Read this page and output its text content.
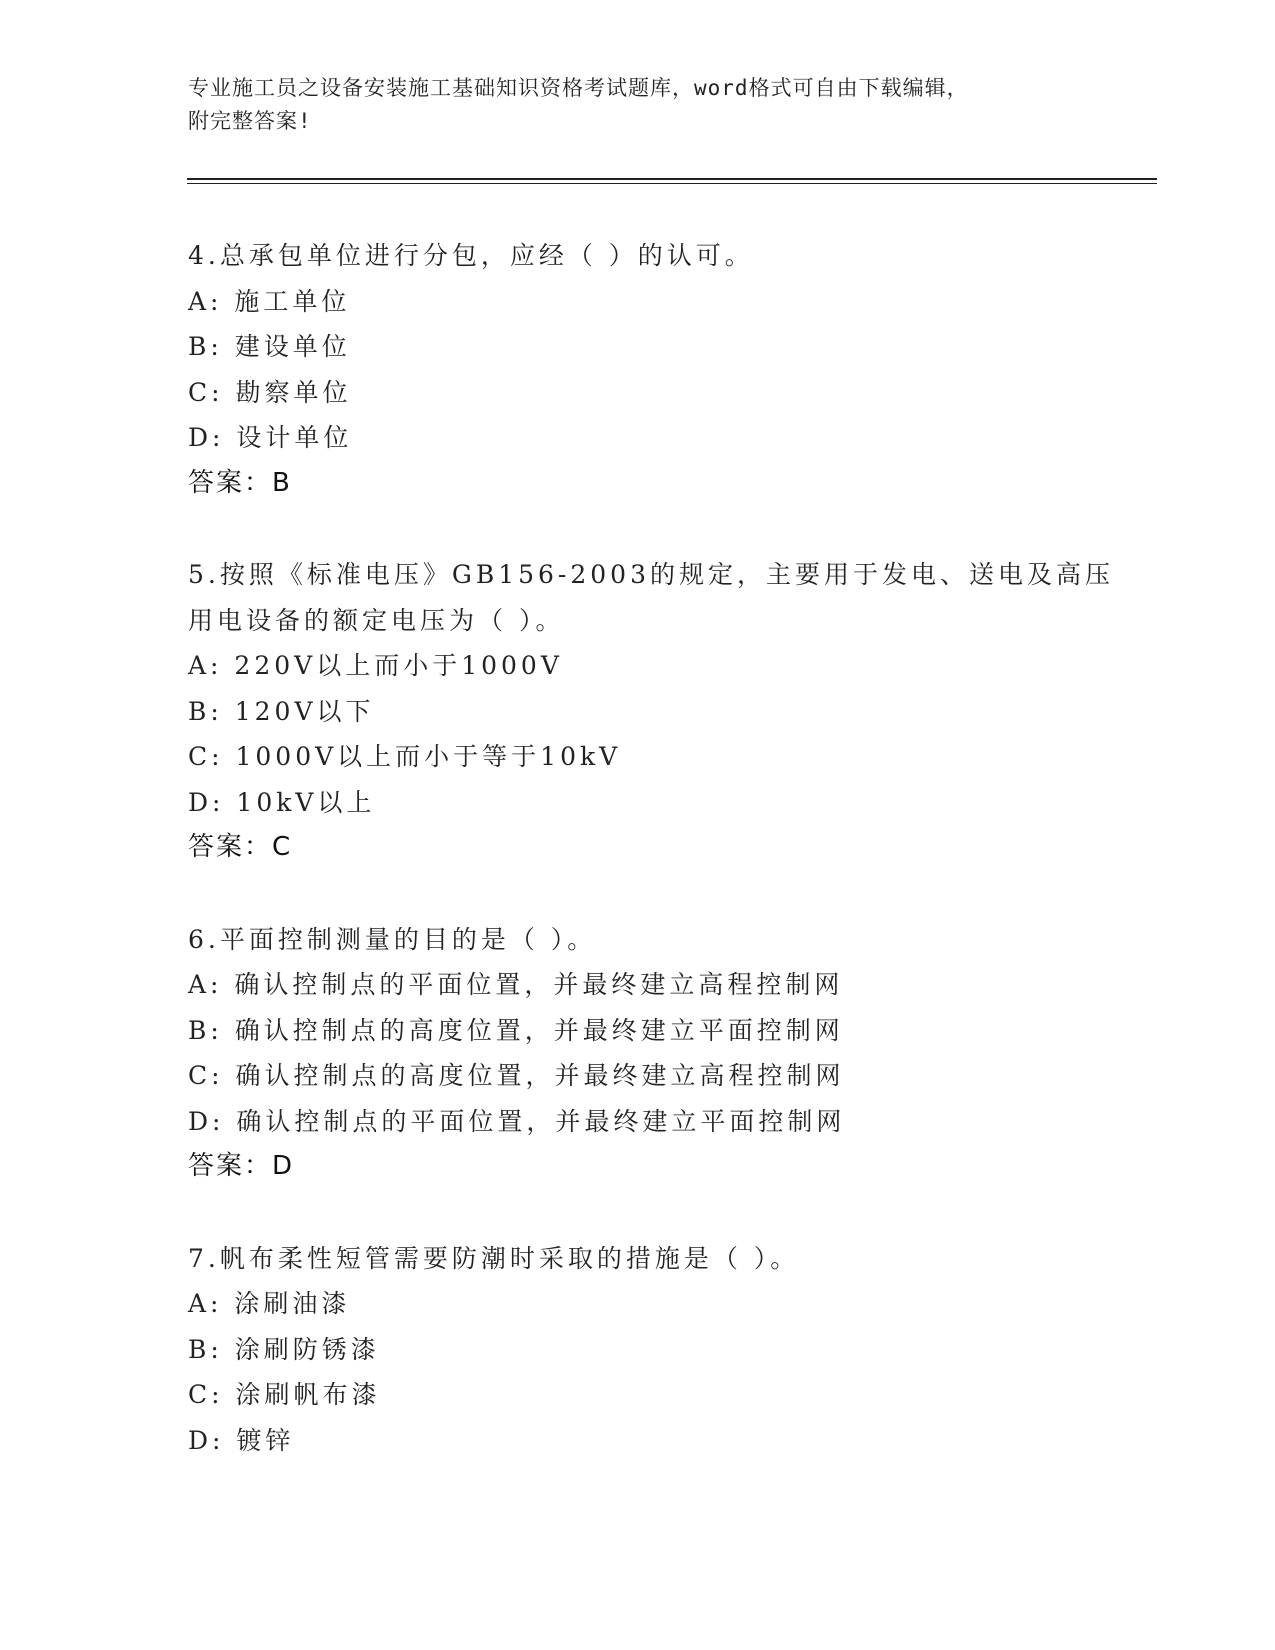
专业施工员之设备安装施工基础知识资格考试题库，word格式可自由下载编辑，
附完整答案!
4.总承包单位进行分包，应经（ ）的认可。
A: 施工单位
B: 建设单位
C: 勘察单位
D: 设计单位
答案：B
5.按照《标准电压》GB156-2003的规定，主要用于发电、送电及高压
用电设备的额定电压为（ ）。
A: 220V以上而小于1000V
B: 120V以下
C: 1000V以上而小于等于10kV
D: 10kV以上
答案：C
6.平面控制测量的目的是（ ）。
A: 确认控制点的平面位置，并最终建立高程控制网
B: 确认控制点的高度位置，并最终建立平面控制网
C: 确认控制点的高度位置，并最终建立高程控制网
D: 确认控制点的平面位置，并最终建立平面控制网
答案：D
7.帆布柔性短管需要防潮时采取的措施是（ ）。
A: 涂刷油漆
B: 涂刷防锈漆
C: 涂刷帆布漆
D: 镀锌
